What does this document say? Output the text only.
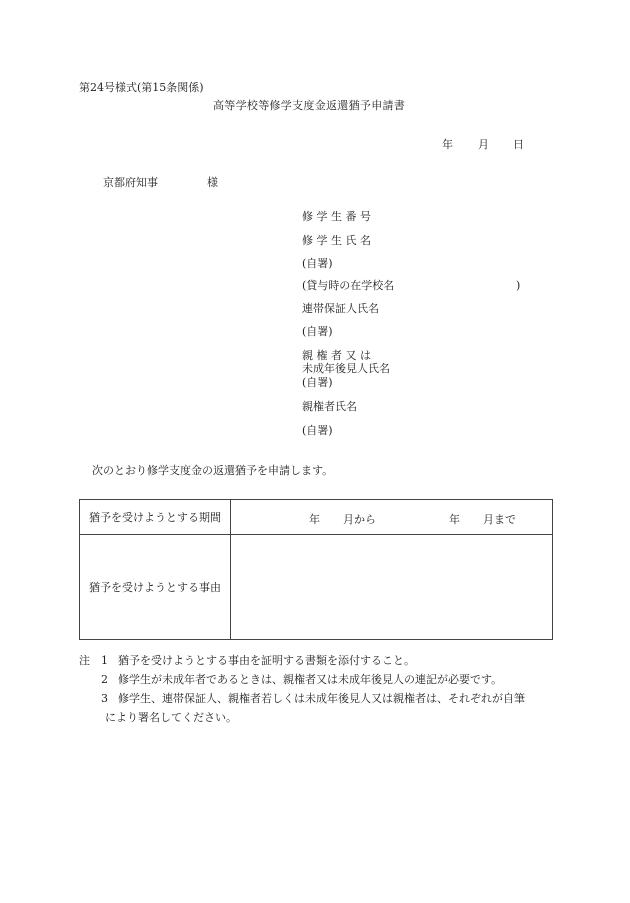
第24号様式(第15条関係)
高等学校等修学支度金返還猶予申請書
年 月 日
京都府知事	様
修 学 生 番 号
修 学 生 氏 名
(自署)
(貸与時の在学校名	)
連帯保証人氏名
(自署)
親 権 者 又 は
未成年後見人氏名
(自署)
親権者氏名
(自署)
次のとおり修学支度金の返還猶予を申請します。
猶予を受けようとする期間	年 月から 年 月まで

猶予を受けようとする事由	
注 1 猶予を受けようとする事由を証明する書類を添付すること。
2 修学生が未成年者であるときは、親権者又は未成年後見人の連記が必要です。
3 修学生、連帯保証人、親権者若しくは未成年後見人又は親権者は、それぞれが自筆
により署名してください。
